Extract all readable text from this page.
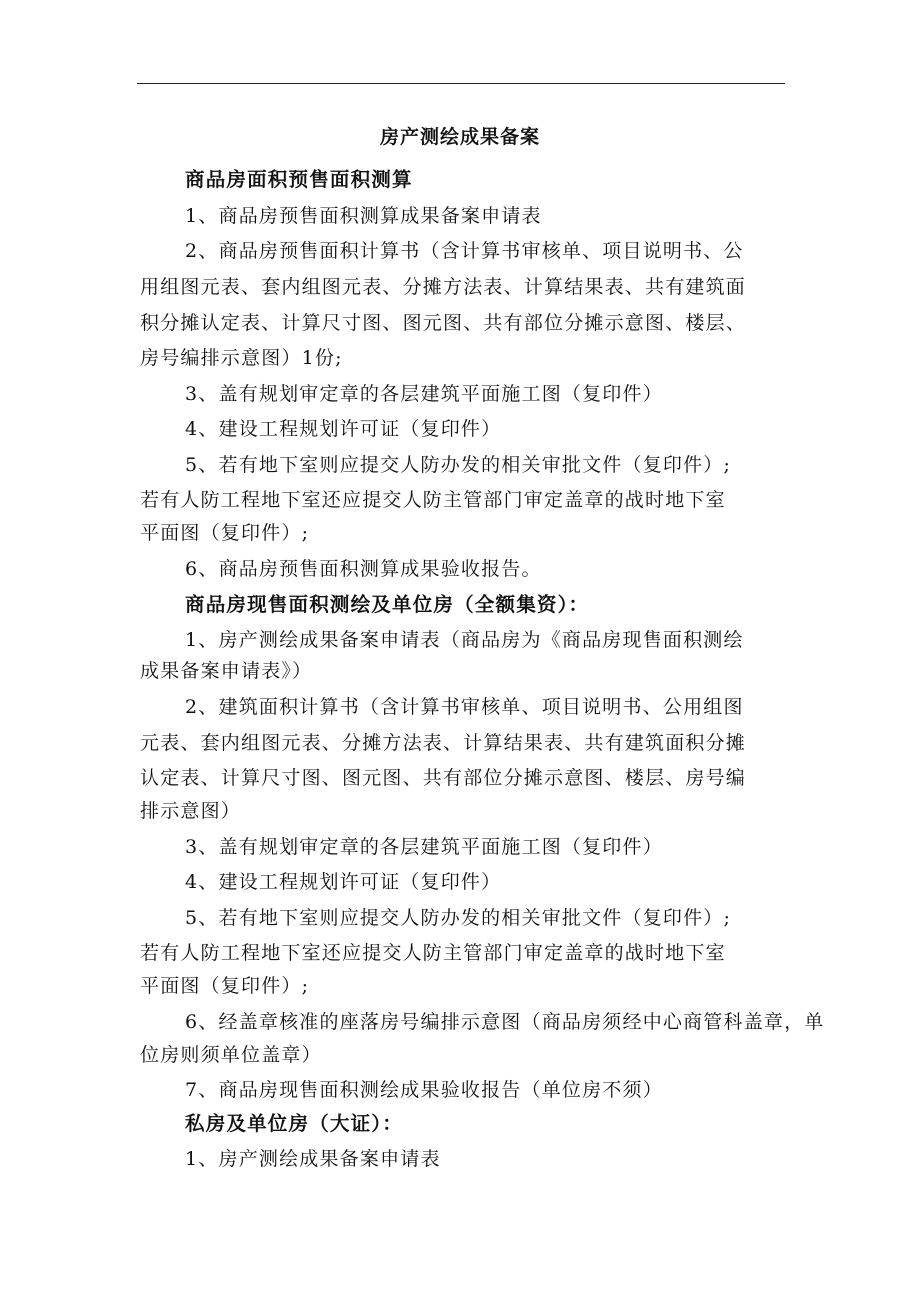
房产测绘成果备案
商品房面积预售面积测算
1、商品房预售面积测算成果备案申请表
2、商品房预售面积计算书（含计算书审核单、项目说明书、公
用组图元表、套内组图元表、分摊方法表、计算结果表、共有建筑面
积分摊认定表、计算尺寸图、图元图、共有部位分摊示意图、楼层、
房号编排示意图）1份;
3、盖有规划审定章的各层建筑平面施工图（复印件）
4、建设工程规划许可证（复印件）
5、若有地下室则应提交人防办发的相关审批文件（复印件）;
若有人防工程地下室还应提交人防主管部门审定盖章的战时地下室
平面图（复印件）;
6、商品房预售面积测算成果验收报告。
商品房现售面积测绘及单位房（全额集资）：
1、房产测绘成果备案申请表（商品房为《商品房现售面积测绘
成果备案申请表》）
2、建筑面积计算书（含计算书审核单、项目说明书、公用组图
元表、套内组图元表、分摊方法表、计算结果表、共有建筑面积分摊
认定表、计算尺寸图、图元图、共有部位分摊示意图、楼层、房号编
排示意图）
3、盖有规划审定章的各层建筑平面施工图（复印件）
4、建设工程规划许可证（复印件）
5、若有地下室则应提交人防办发的相关审批文件（复印件）;
若有人防工程地下室还应提交人防主管部门审定盖章的战时地下室
平面图（复印件）;
6、经盖章核准的座落房号编排示意图（商品房须经中心商管科盖章，单
位房则须单位盖章）
7、商品房现售面积测绘成果验收报告（单位房不须）
私房及单位房（大证）：
1、房产测绘成果备案申请表
